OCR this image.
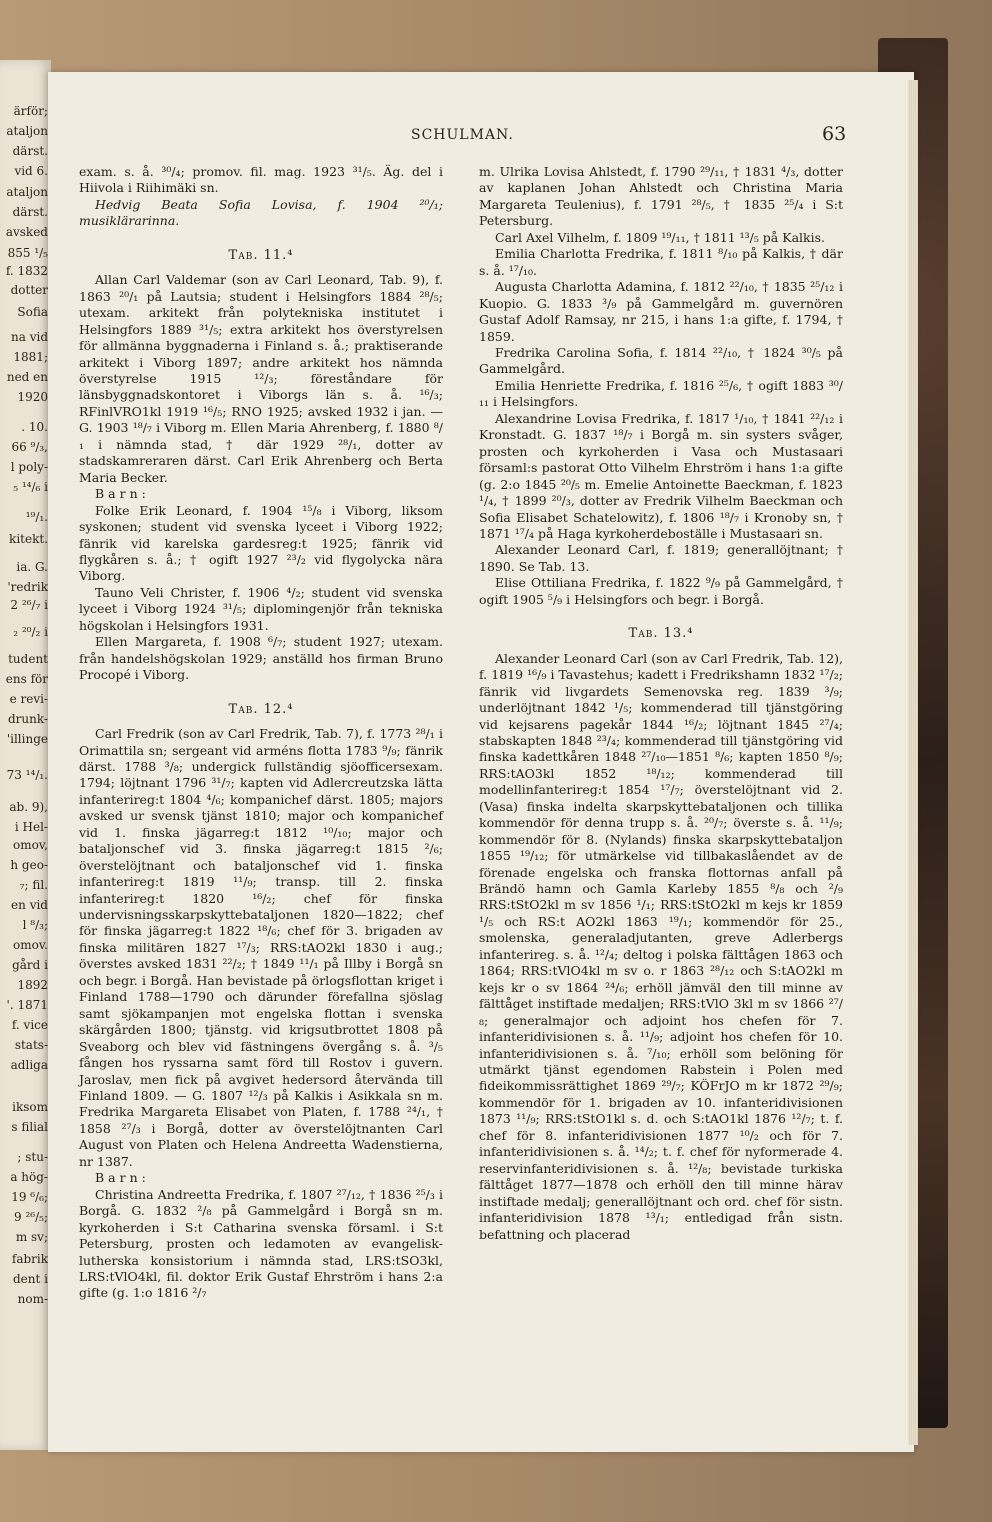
ärför;
ataljon
därst.
vid 6.
ataljon
därst.
avsked
855 ¹/₅
f. 1832
dotter
Sofia
na vid
1881;
ned en
1920
. 10.
66 ⁹/₃,
l poly-
₅ ¹⁴/₆ i
¹⁹/₁.
kitekt.
ia. G.
'redrik
2 ²⁶/₇ i
₂ ²⁰/₂ i
tudent
ens för
e revi-
drunk-
'illinge
73 ¹⁴/₁.
ab. 9),
i Hel-
omov,
h geo-
₇; fil.
en vid
l ⁸/₃;
omov.
gård i
1892
'. 1871
f. vice
stats-
adliga
iksom
s filial
; stu-
a hög-
19 ⁶/₆;
9 ²⁶/₅;
m sv;
fabrik
dent i
nom-
SCHULMAN.	63

exam. s. å. ³⁰/₄; promov. fil. mag. 1923 ³¹/₅. Äg. del i Hiivola i Riihimäki sn.

Hedvig Beata Sofia Lovisa, f. 1904 ²⁰/₁; musiklärarinna.

Tab. 11.⁴

Allan Carl Valdemar (son av Carl Leonard, Tab. 9), f. 1863 ²⁰/₁ på Lautsia; student i Helsingfors 1884 ²⁸/₅; utexam. arkitekt från polytekniska institutet i Helsingfors 1889 ³¹/₅; extra arkitekt hos överstyrelsen för allmänna byggnaderna i Finland s. å.; praktiserande arkitekt i Viborg 1897; andre arkitekt hos nämnda överstyrelse 1915 ¹²/₃; föreståndare för länsbyggnadskontoret i Viborgs län s. å. ¹⁶/₃; RFinlVRO1kl 1919 ¹⁶/₅; RNO 1925; avsked 1932 i jan. — G. 1903 ¹⁸/₇ i Viborg m. Ellen Maria Ahrenberg, f. 1880 ⁸/₁ i nämnda stad, † där 1929 ²⁸/₁, dotter av stadskamreraren därst. Carl Erik Ahrenberg och Berta Maria Becker.

Barn:

Folke Erik Leonard, f. 1904 ¹⁵/₈ i Viborg, liksom syskonen; student vid svenska lyceet i Viborg 1922; fänrik vid karelska gardesreg:t 1925; fänrik vid flygkåren s. å.; † ogift 1927 ²³/₂ vid flygolycka nära Viborg.

Tauno Veli Christer, f. 1906 ⁴/₂; student vid svenska lyceet i Viborg 1924 ³¹/₅; diplomingenjör från tekniska högskolan i Helsingfors 1931.

Ellen Margareta, f. 1908 ⁶/₇; student 1927; utexam. från handelshögskolan 1929; anställd hos firman Bruno Procopé i Viborg.

Tab. 12.⁴

Carl Fredrik (son av Carl Fredrik, Tab. 7), f. 1773 ²⁸/₁ i Orimattila sn; sergeant vid arméns flotta 1783 ⁹/₉; fänrik därst. 1788 ³/₈; undergick fullständig sjöofficersexam. 1794; löjtnant 1796 ³¹/₇; kapten vid Adlercreutzska lätta infanterireg:t 1804 ⁴/₆; kompanichef därst. 1805; majors avsked ur svensk tjänst 1810; major och kompanichef vid 1. finska jägarreg:t 1812 ¹⁰/₁₀; major och bataljonschef vid 3. finska jägarreg:t 1815 ²/₆; överstelöjtnant och bataljonschef vid 1. finska infanterireg:t 1819 ¹¹/₉; transp. till 2. finska infanterireg:t 1820 ¹⁶/₂; chef för finska undervisningsskarpskyttebataljonen 1820—1822; chef för finska jägarreg:t 1822 ¹⁸/₆; chef för 3. brigaden av finska militären 1827 ¹⁷/₃; RRS:tAO2kl 1830 i aug.; överstes avsked 1831 ²²/₂; † 1849 ¹¹/₁ på Illby i Borgå sn och begr. i Borgå. Han bevistade på örlogsflottan kriget i Finland 1788—1790 och därunder förefallna sjöslag samt sjökampanjen mot engelska flottan i svenska skärgården 1800; tjänstg. vid krigsutbrottet 1808 på Sveaborg och blev vid fästningens övergång s. å. ³/₅ fången hos ryssarna samt förd till Rostov i guvern. Jaroslav, men fick på avgivet hedersord återvända till Finland 1809. — G. 1807 ¹²/₃ på Kalkis i Asikkala sn m. Fredrika Margareta Elisabet von Platen, f. 1788 ²⁴/₁, † 1858 ²⁷/₃ i Borgå, dotter av överstelöjtnanten Carl August von Platen och Helena Andreetta Wadenstierna, nr 1387.

Barn:

Christina Andreetta Fredrika, f. 1807 ²⁷/₁₂, † 1836 ²⁵/₃ i Borgå. G. 1832 ²/₈ på Gammelgård i Borgå sn m. kyrkoherden i S:t Catharina svenska församl. i S:t Petersburg, prosten och ledamoten av evangelisk-lutherska konsistorium i nämnda stad, LRS:tSO3kl, LRS:tVlO4kl, fil. doktor Erik Gustaf Ehrström i hans 2:a gifte (g. 1:o 1816 ²/₇

m. Ulrika Lovisa Ahlstedt, f. 1790 ²⁹/₁₁, † 1831 ⁴/₃, dotter av kaplanen Johan Ahlstedt och Christina Maria Margareta Teulenius), f. 1791 ²⁸/₅, † 1835 ²⁵/₄ i S:t Petersburg.

Carl Axel Vilhelm, f. 1809 ¹⁹/₁₁, † 1811 ¹³/₅ på Kalkis.

Emilia Charlotta Fredrika, f. 1811 ⁸/₁₀ på Kalkis, † där s. å. ¹⁷/₁₀.

Augusta Charlotta Adamina, f. 1812 ²²/₁₀, † 1835 ²⁵/₁₂ i Kuopio. G. 1833 ³/₉ på Gammelgård m. guvernören Gustaf Adolf Ramsay, nr 215, i hans 1:a gifte, f. 1794, † 1859.

Fredrika Carolina Sofia, f. 1814 ²²/₁₀, † 1824 ³⁰/₅ på Gammelgård.

Emilia Henriette Fredrika, f. 1816 ²⁵/₆, † ogift 1883 ³⁰/₁₁ i Helsingfors.

Alexandrine Lovisa Fredrika, f. 1817 ¹/₁₀, † 1841 ²²/₁₂ i Kronstadt. G. 1837 ¹⁸/₇ i Borgå m. sin systers svåger, prosten och kyrkoherden i Vasa och Mustasaari församl:s pastorat Otto Vilhelm Ehrström i hans 1:a gifte (g. 2:o 1845 ²⁰/₅ m. Emelie Antoinette Baeckman, f. 1823 ¹/₄, † 1899 ²⁰/₃, dotter av Fredrik Vilhelm Baeckman och Sofia Elisabet Schatelowitz), f. 1806 ¹⁸/₇ i Kronoby sn, † 1871 ¹⁷/₄ på Haga kyrkoherdeboställe i Mustasaari sn.

Alexander Leonard Carl, f. 1819; generallöjtnant; † 1890. Se Tab. 13.

Elise Ottiliana Fredrika, f. 1822 ⁹/₉ på Gammelgård, † ogift 1905 ⁵/₉ i Helsingfors och begr. i Borgå.

Tab. 13.⁴

Alexander Leonard Carl (son av Carl Fredrik, Tab. 12), f. 1819 ¹⁶/₉ i Tavastehus; kadett i Fredrikshamn 1832 ¹⁷/₂; fänrik vid livgardets Semenovska reg. 1839 ³/₉; underlöjtnant 1842 ¹/₅; kommenderad till tjänstgöring vid kejsarens pagekår 1844 ¹⁶/₂; löjtnant 1845 ²⁷/₄; stabskapten 1848 ²³/₄; kommenderad till tjänstgöring vid finska kadettkåren 1848 ²⁷/₁₀—1851 ⁸/₆; kapten 1850 ⁸/₉; RRS:tAO3kl 1852 ¹⁸/₁₂; kommenderad till modellinfanterireg:t 1854 ¹⁷/₇; överstelöjtnant vid 2. (Vasa) finska indelta skarpskyttebataljonen och tillika kommendör för denna trupp s. å. ²⁰/₇; överste s. å. ¹¹/₉; kommendör för 8. (Nylands) finska skarpskyttebataljon 1855 ¹⁹/₁₂; för utmärkelse vid tillbakaslåendet av de förenade engelska och franska flottornas anfall på Brändö hamn och Gamla Karleby 1855 ⁸/₈ och ²/₉ RRS:tStO2kl m sv 1856 ¹/₁; RRS:tStO2kl m kejs kr 1859 ¹/₅ och RS:t AO2kl 1863 ¹⁹/₁; kommendör för 25., smolenska, generaladjutanten, greve Adlerbergs infanterireg. s. å. ¹²/₄; deltog i polska fälttågen 1863 och 1864; RRS:tVlO4kl m sv o. r 1863 ²⁸/₁₂ och S:tAO2kl m kejs kr o sv 1864 ²⁴/₆; erhöll jämväl den till minne av fälttåget instiftade medaljen; RRS:tVlO 3kl m sv 1866 ²⁷/₈; generalmajor och adjoint hos chefen för 7. infanteridivisionen s. å. ¹¹/₉; adjoint hos chefen för 10. infanteridivisionen s. å. ⁷/₁₀; erhöll som belöning för utmärkt tjänst egendomen Rabstein i Polen med fideikommissrättighet 1869 ²⁹/₇; KÖFrJO m kr 1872 ²⁹/₉; kommendör för 1. brigaden av 10. infanteridivisionen 1873 ¹¹/₉; RRS:tStO1kl s. d. och S:tAO1kl 1876 ¹²/₇; t. f. chef för 8. infanteridivisionen 1877 ¹⁰/₂ och för 7. infanteridivisionen s. å. ¹⁴/₂; t. f. chef för nyformerade 4. reservinfanteridivisionen s. å. ¹²/₈; bevistade turkiska fälttåget 1877—1878 och erhöll den till minne härav instiftade medalj; generallöjtnant och ord. chef för sistn. infanteridivision 1878 ¹³/₁; entledigad från sistn. befattning och placerad
